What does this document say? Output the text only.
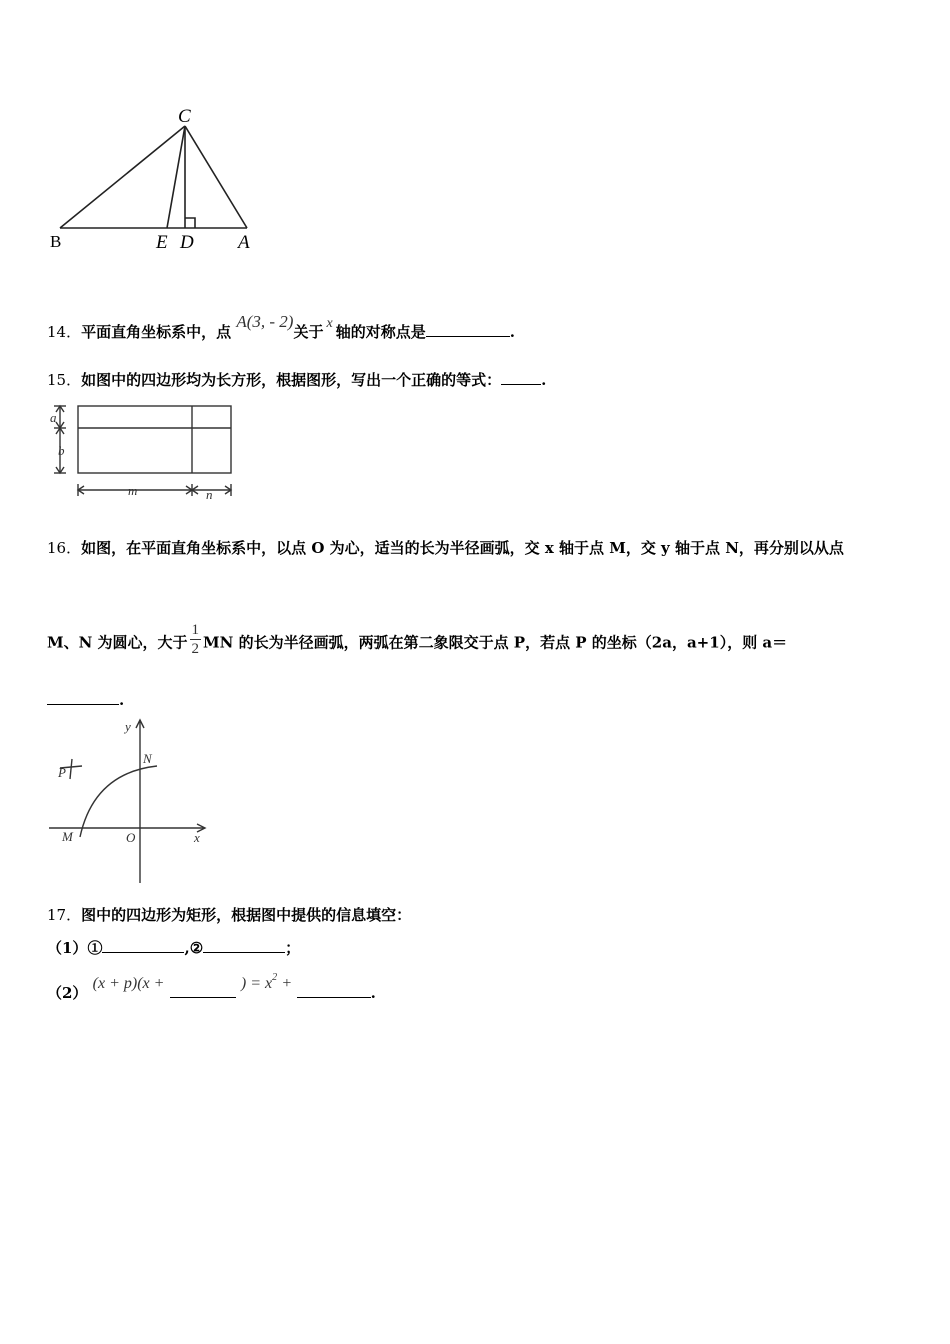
C
B	E D A
14．平面直角坐标系中，点 A(3, - 2)关于 x 轴的对称点是	.
15．如图中的四边形均为长方形，根据图形，写出一个正确的等式：	.
a
b
m	n
16．如图，在平面直角坐标系中，以点 O 为心，适当的长为半径画弧，交 x 轴于点 M，交 y 轴于点 N，再分别以从点
M、N 为圆心，大于 $\frac{1}{2}$ MN 的长为半径画弧，两弧在第二象限交于点 P，若点 P 的坐标（2a，a+1），则 a＝
.
y
x
N
P
M	O
17．图中的四边形为矩形，根据图中提供的信息填空：
（1）①	,②	；
（2） (x + p)(x +	) = $x^2$ + .
